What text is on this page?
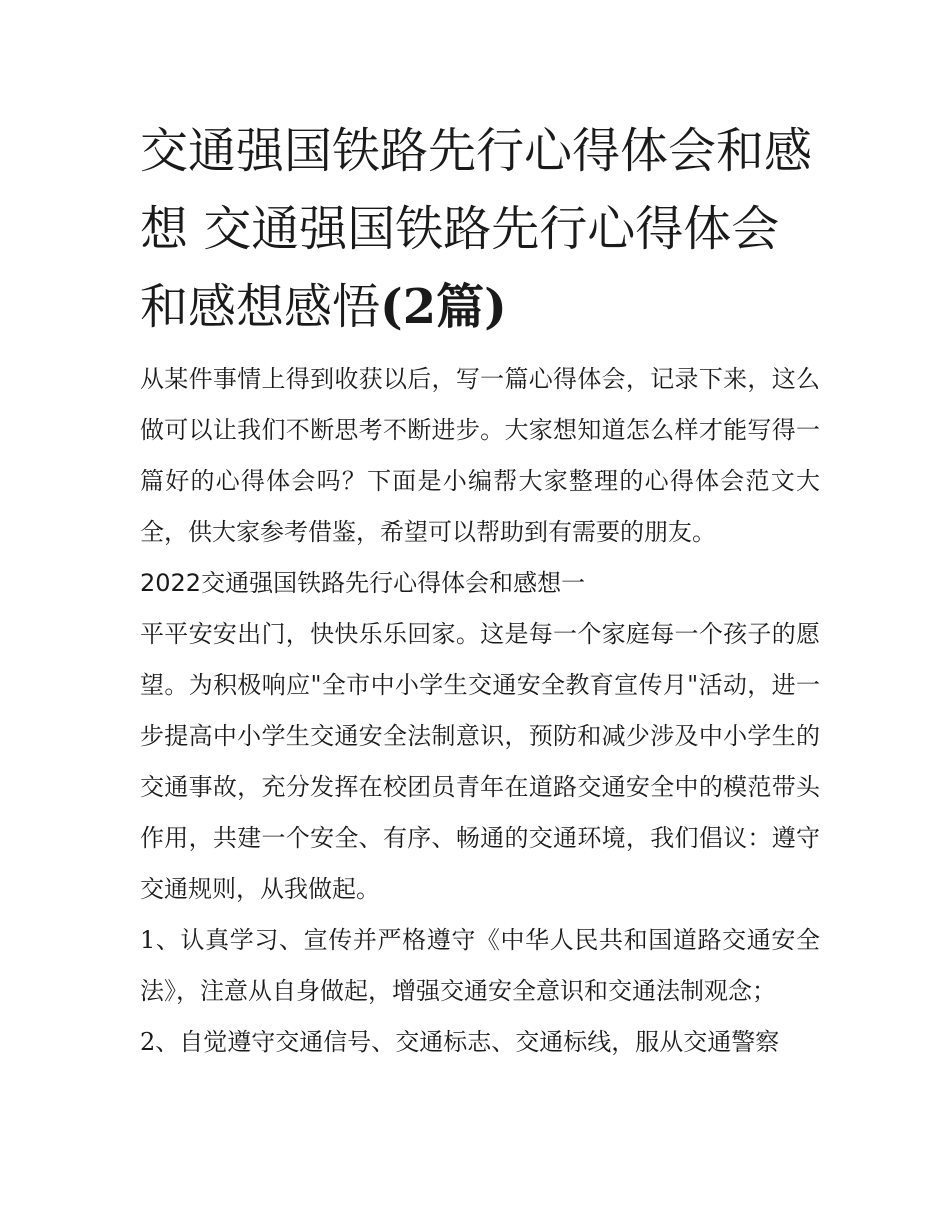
交通强国铁路先行心得体会和感想 交通强国铁路先行心得体会和感想感悟(2篇)

从某件事情上得到收获以后，写一篇心得体会，记录下来，这么做可以让我们不断思考不断进步。大家想知道怎么样才能写得一篇好的心得体会吗？下面是小编帮大家整理的心得体会范文大全，供大家参考借鉴，希望可以帮助到有需要的朋友。

2022交通强国铁路先行心得体会和感想一

平平安安出门，快快乐乐回家。这是每一个家庭每一个孩子的愿望。为积极响应"全市中小学生交通安全教育宣传月"活动，进一步提高中小学生交通安全法制意识，预防和减少涉及中小学生的交通事故，充分发挥在校团员青年在道路交通安全中的模范带头作用，共建一个安全、有序、畅通的交通环境，我们倡议：遵守交通规则，从我做起。

1、认真学习、宣传并严格遵守《中华人民共和国道路交通安全法》，注意从自身做起，增强交通安全意识和交通法制观念；

2、自觉遵守交通信号、交通标志、交通标线，服从交通警察
